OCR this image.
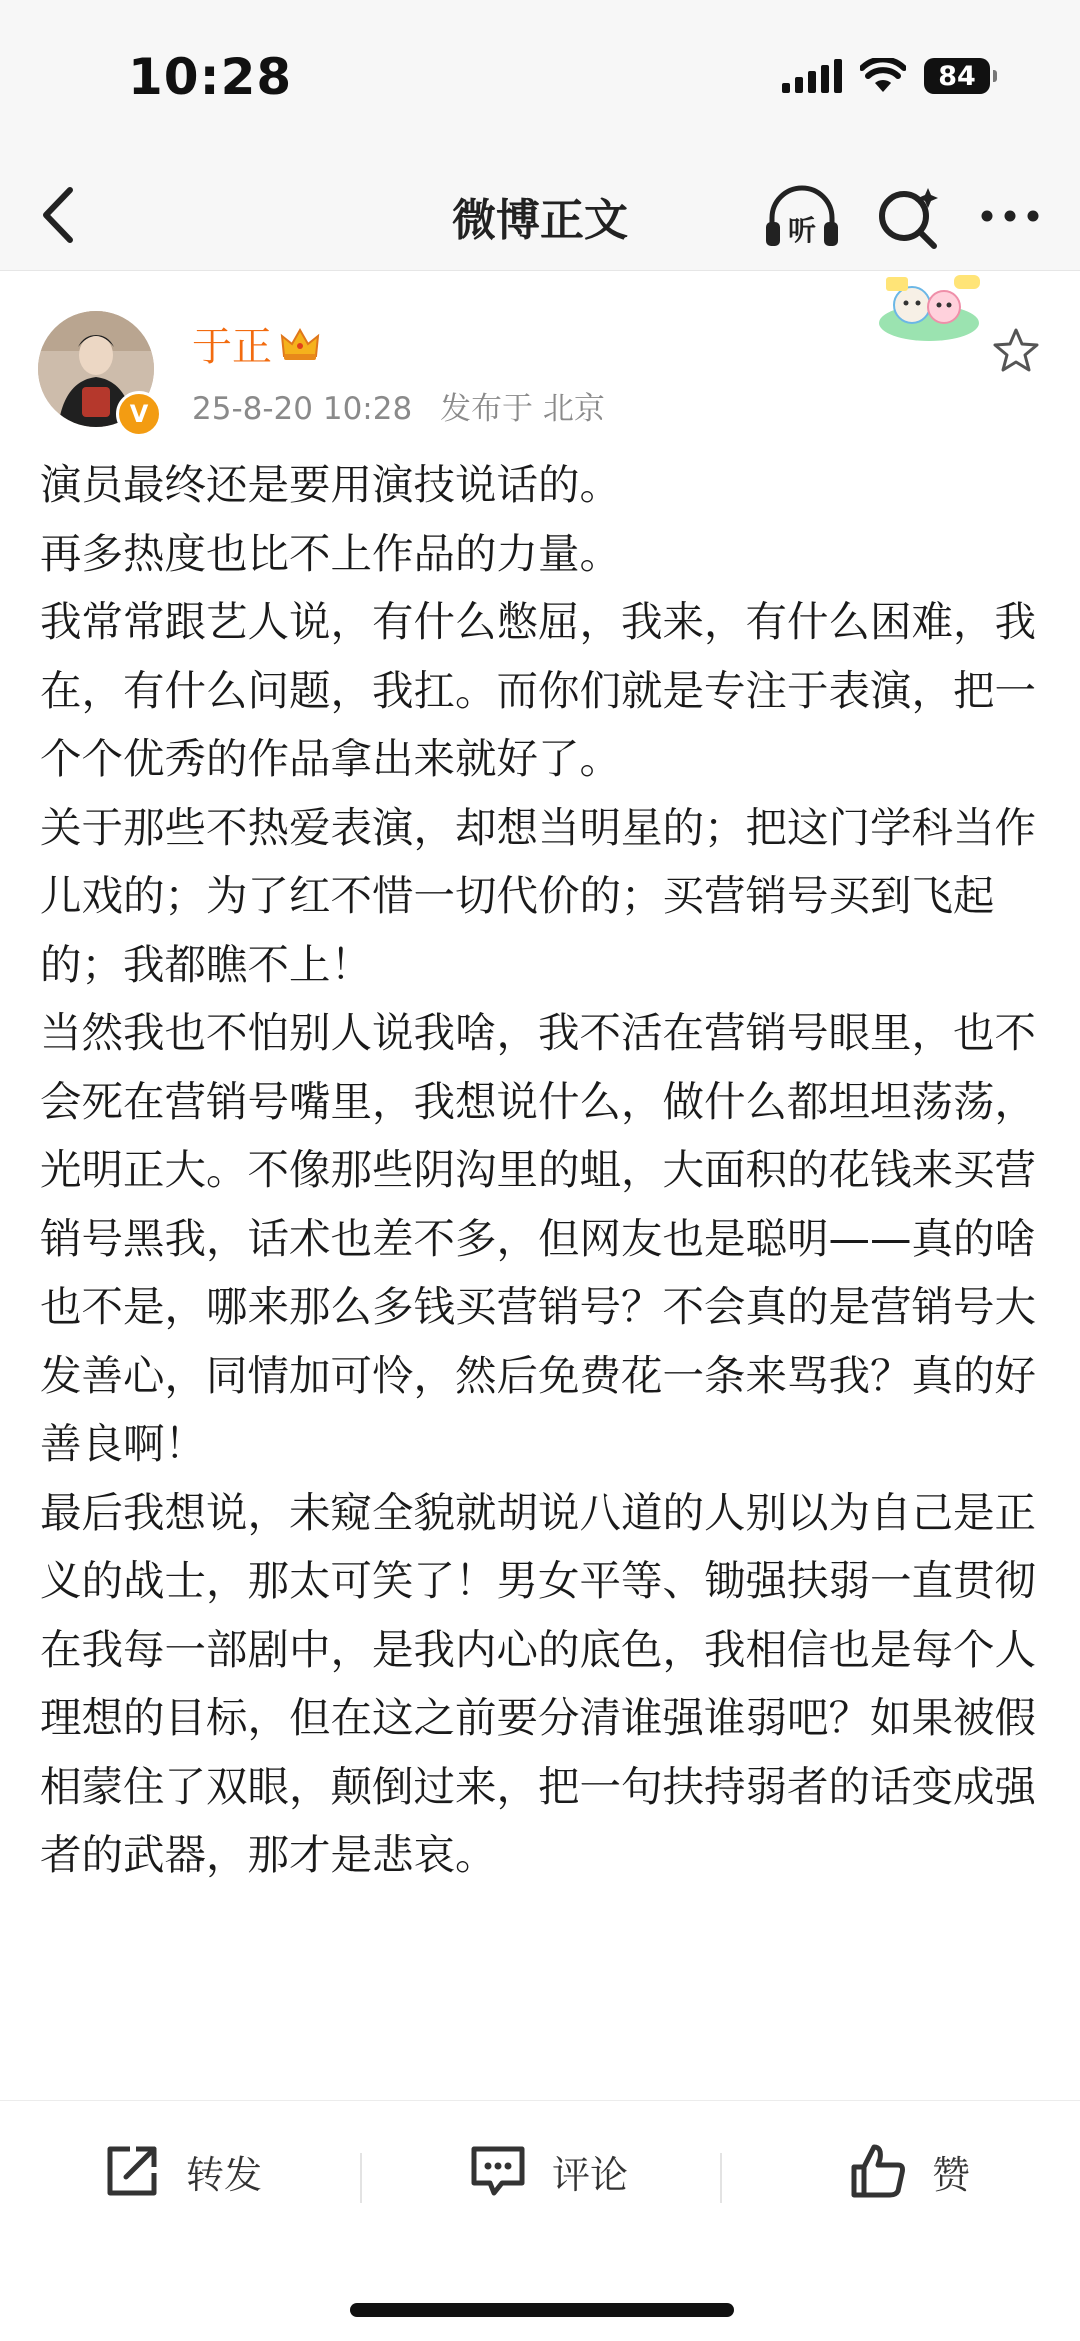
10:28	84
微博正文	听
V
于正
25-8-20 10:28 发布于 北京

演员最终还是要用演技说话的。

再多热度也比不上作品的力量。

我常常跟艺人说，有什么憋屈，我来，有什么困难，我在，有什么问题，我扛。而你们就是专注于表演，把一个个优秀的作品拿出来就好了。

关于那些不热爱表演，却想当明星的；把这门学科当作儿戏的；为了红不惜一切代价的；买营销号买到飞起的；我都瞧不上！

当然我也不怕别人说我啥，我不活在营销号眼里，也不会死在营销号嘴里，我想说什么，做什么都坦坦荡荡，光明正大。不像那些阴沟里的蛆，大面积的花钱来买营销号黑我，话术也差不多，但网友也是聪明——真的啥也不是，哪来那么多钱买营销号？不会真的是营销号大发善心，同情加可怜，然后免费花一条来骂我？真的好善良啊！

最后我想说，未窥全貌就胡说八道的人别以为自己是正义的战士，那太可笑了！男女平等、锄强扶弱一直贯彻在我每一部剧中，是我内心的底色，我相信也是每个人理想的目标，但在这之前要分清谁强谁弱吧？如果被假相蒙住了双眼，颠倒过来，把一句扶持弱者的话变成强者的武器，那才是悲哀。

转发	评论	赞
